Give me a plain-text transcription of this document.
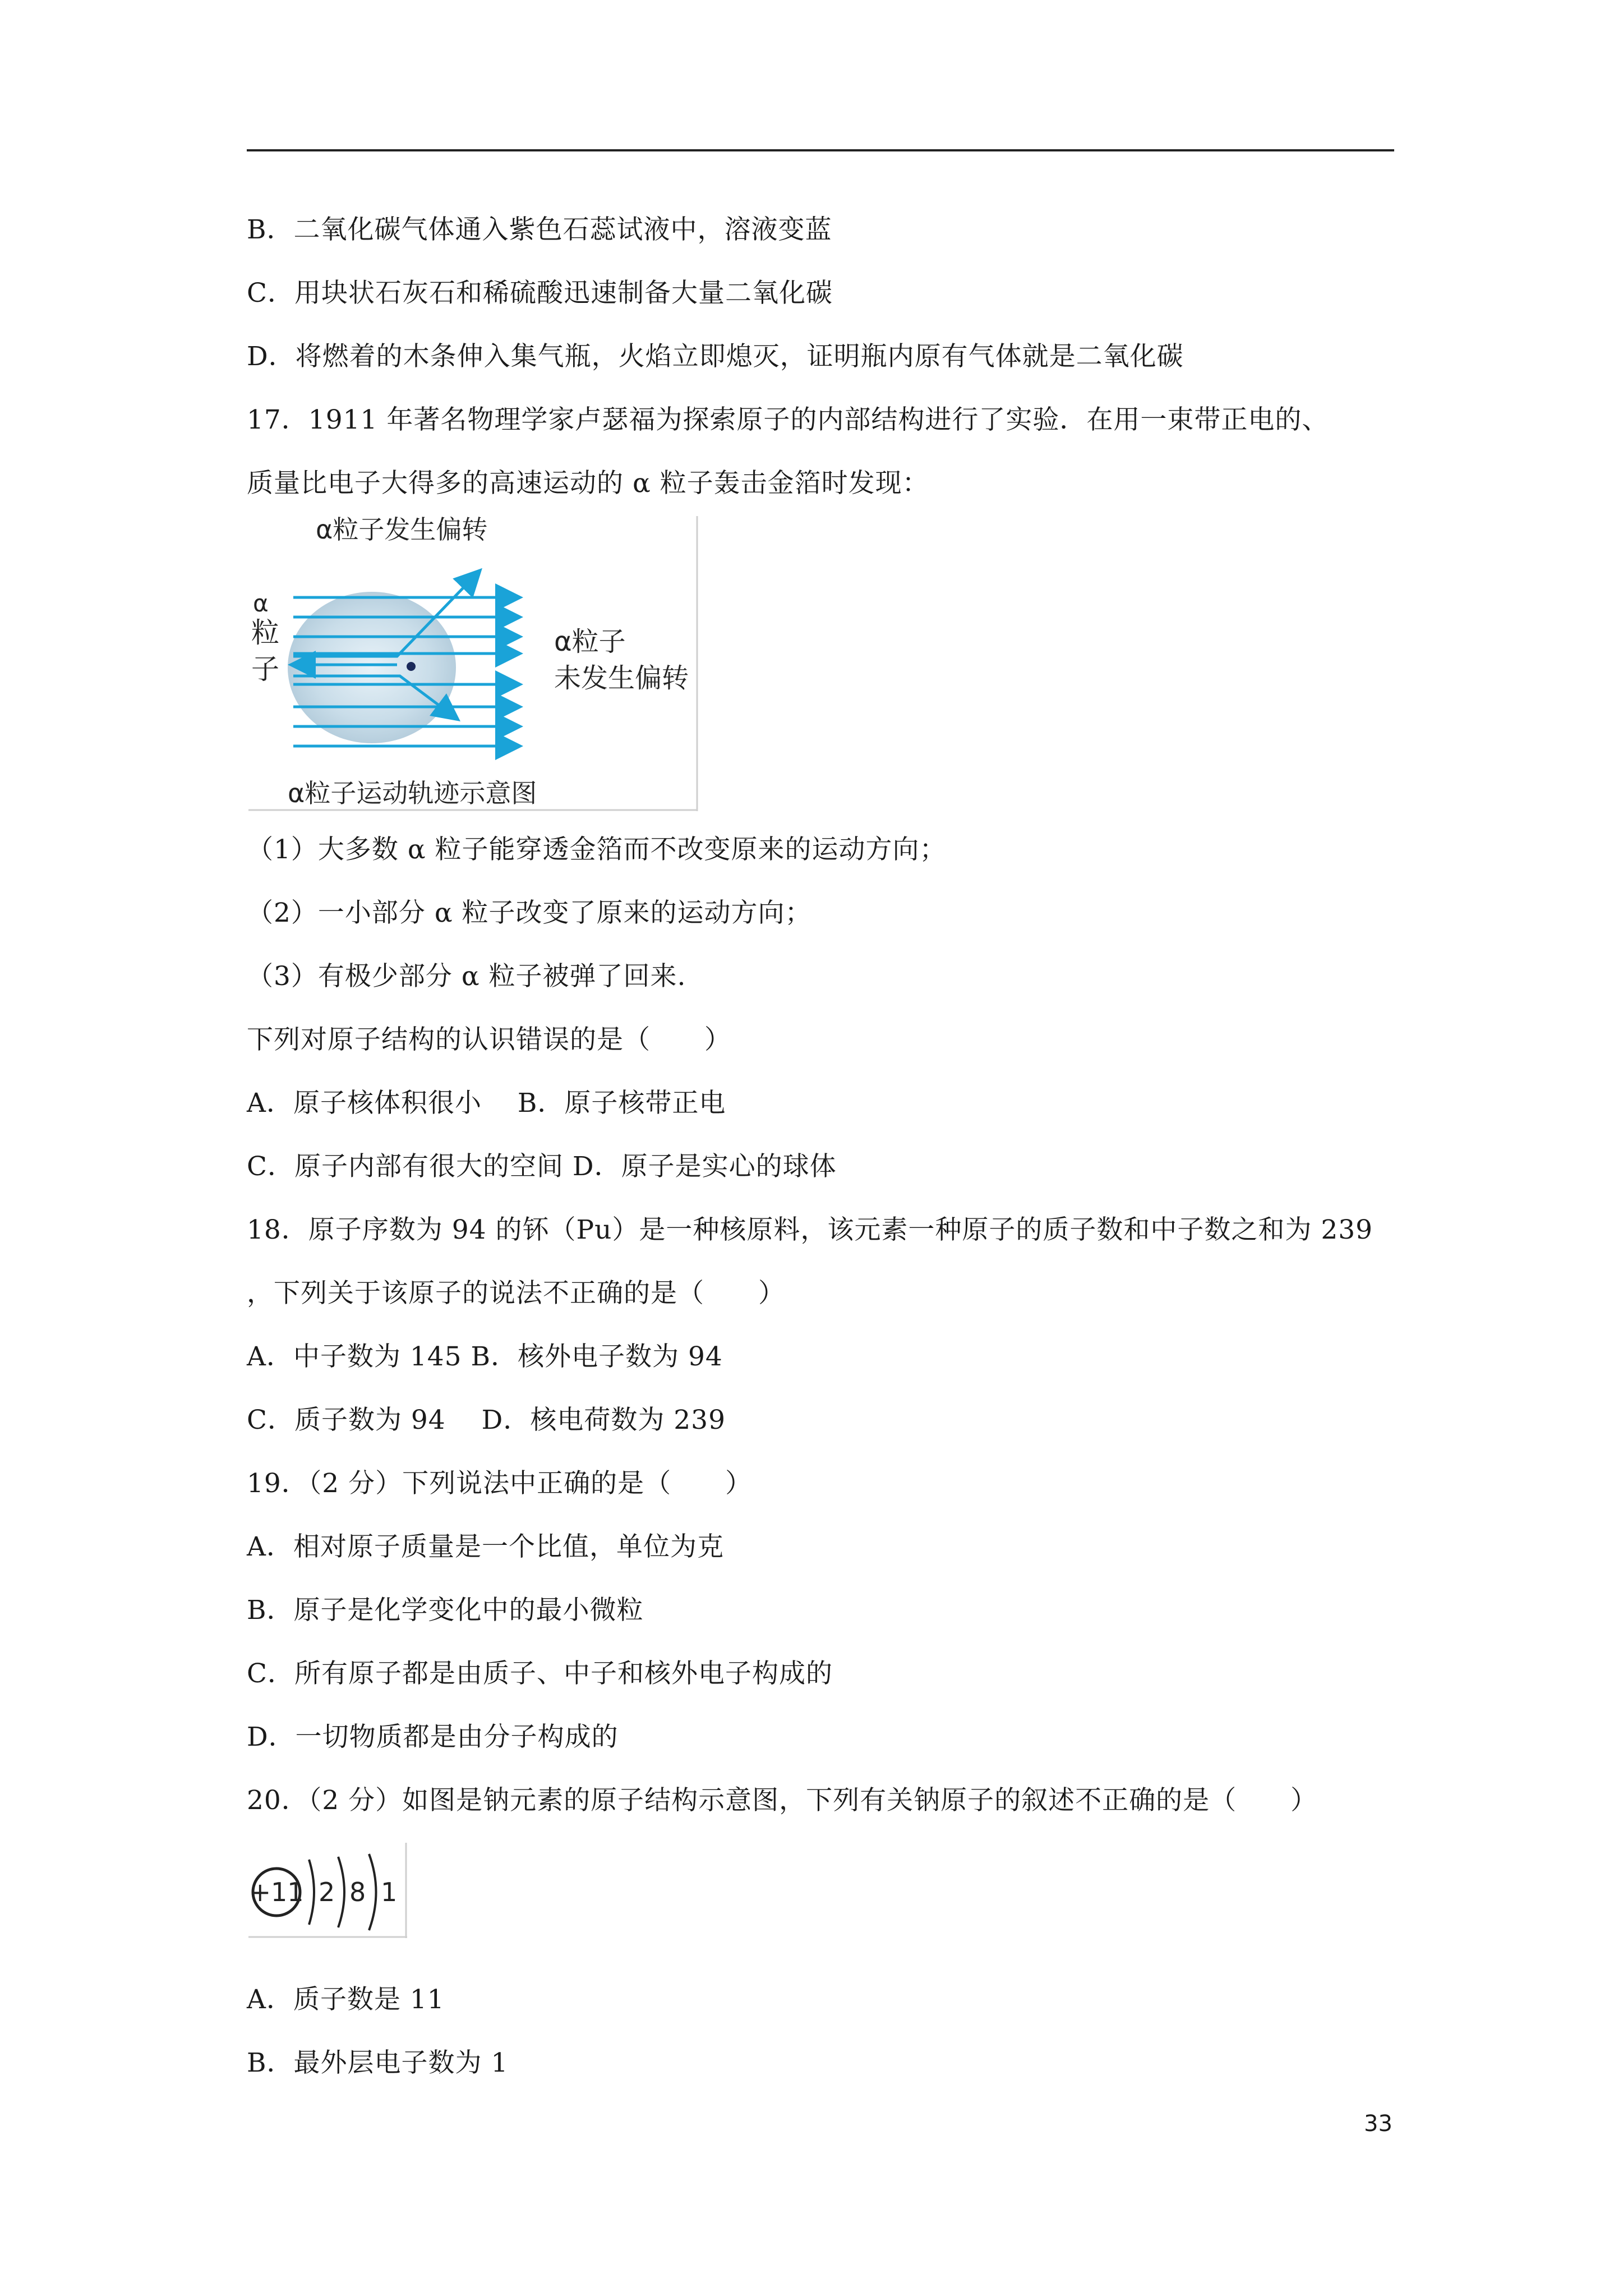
B．二氧化碳气体通入紫色石蕊试液中，溶液变蓝
C．用块状石灰石和稀硫酸迅速制备大量二氧化碳
D．将燃着的木条伸入集气瓶，火焰立即熄灭，证明瓶内原有气体就是二氧化碳
17．1911 年著名物理学家卢瑟福为探索原子的内部结构进行了实验．在用一束带正电的、
质量比电子大得多的高速运动的 α 粒子轰击金箔时发现：
α粒子发生偏转
α
粒
子
α粒子
未发生偏转
α粒子运动轨迹示意图
（1）大多数 α 粒子能穿透金箔而不改变原来的运动方向；
（2）一小部分 α 粒子改变了原来的运动方向；
（3）有极少部分 α 粒子被弹了回来.
下列对原子结构的认识错误的是（　　）
A．原子核体积很小　 B．原子核带正电
C．原子内部有很大的空间 D．原子是实心的球体
18．原子序数为 94 的钚（Pu）是一种核原料，该元素一种原子的质子数和中子数之和为 239
，下列关于该原子的说法不正确的是（　　）
A．中子数为 145 B．核外电子数为 94
C．质子数为 94　 D．核电荷数为 239
19．（2 分）下列说法中正确的是（　　）
A．相对原子质量是一个比值，单位为克
B．原子是化学变化中的最小微粒
C．所有原子都是由质子、中子和核外电子构成的
D．一切物质都是由分子构成的
20．（2 分）如图是钠元素的原子结构示意图，下列有关钠原子的叙述不正确的是（　　）
+11 2 8 1
A．质子数是 11
B．最外层电子数为 1
33
